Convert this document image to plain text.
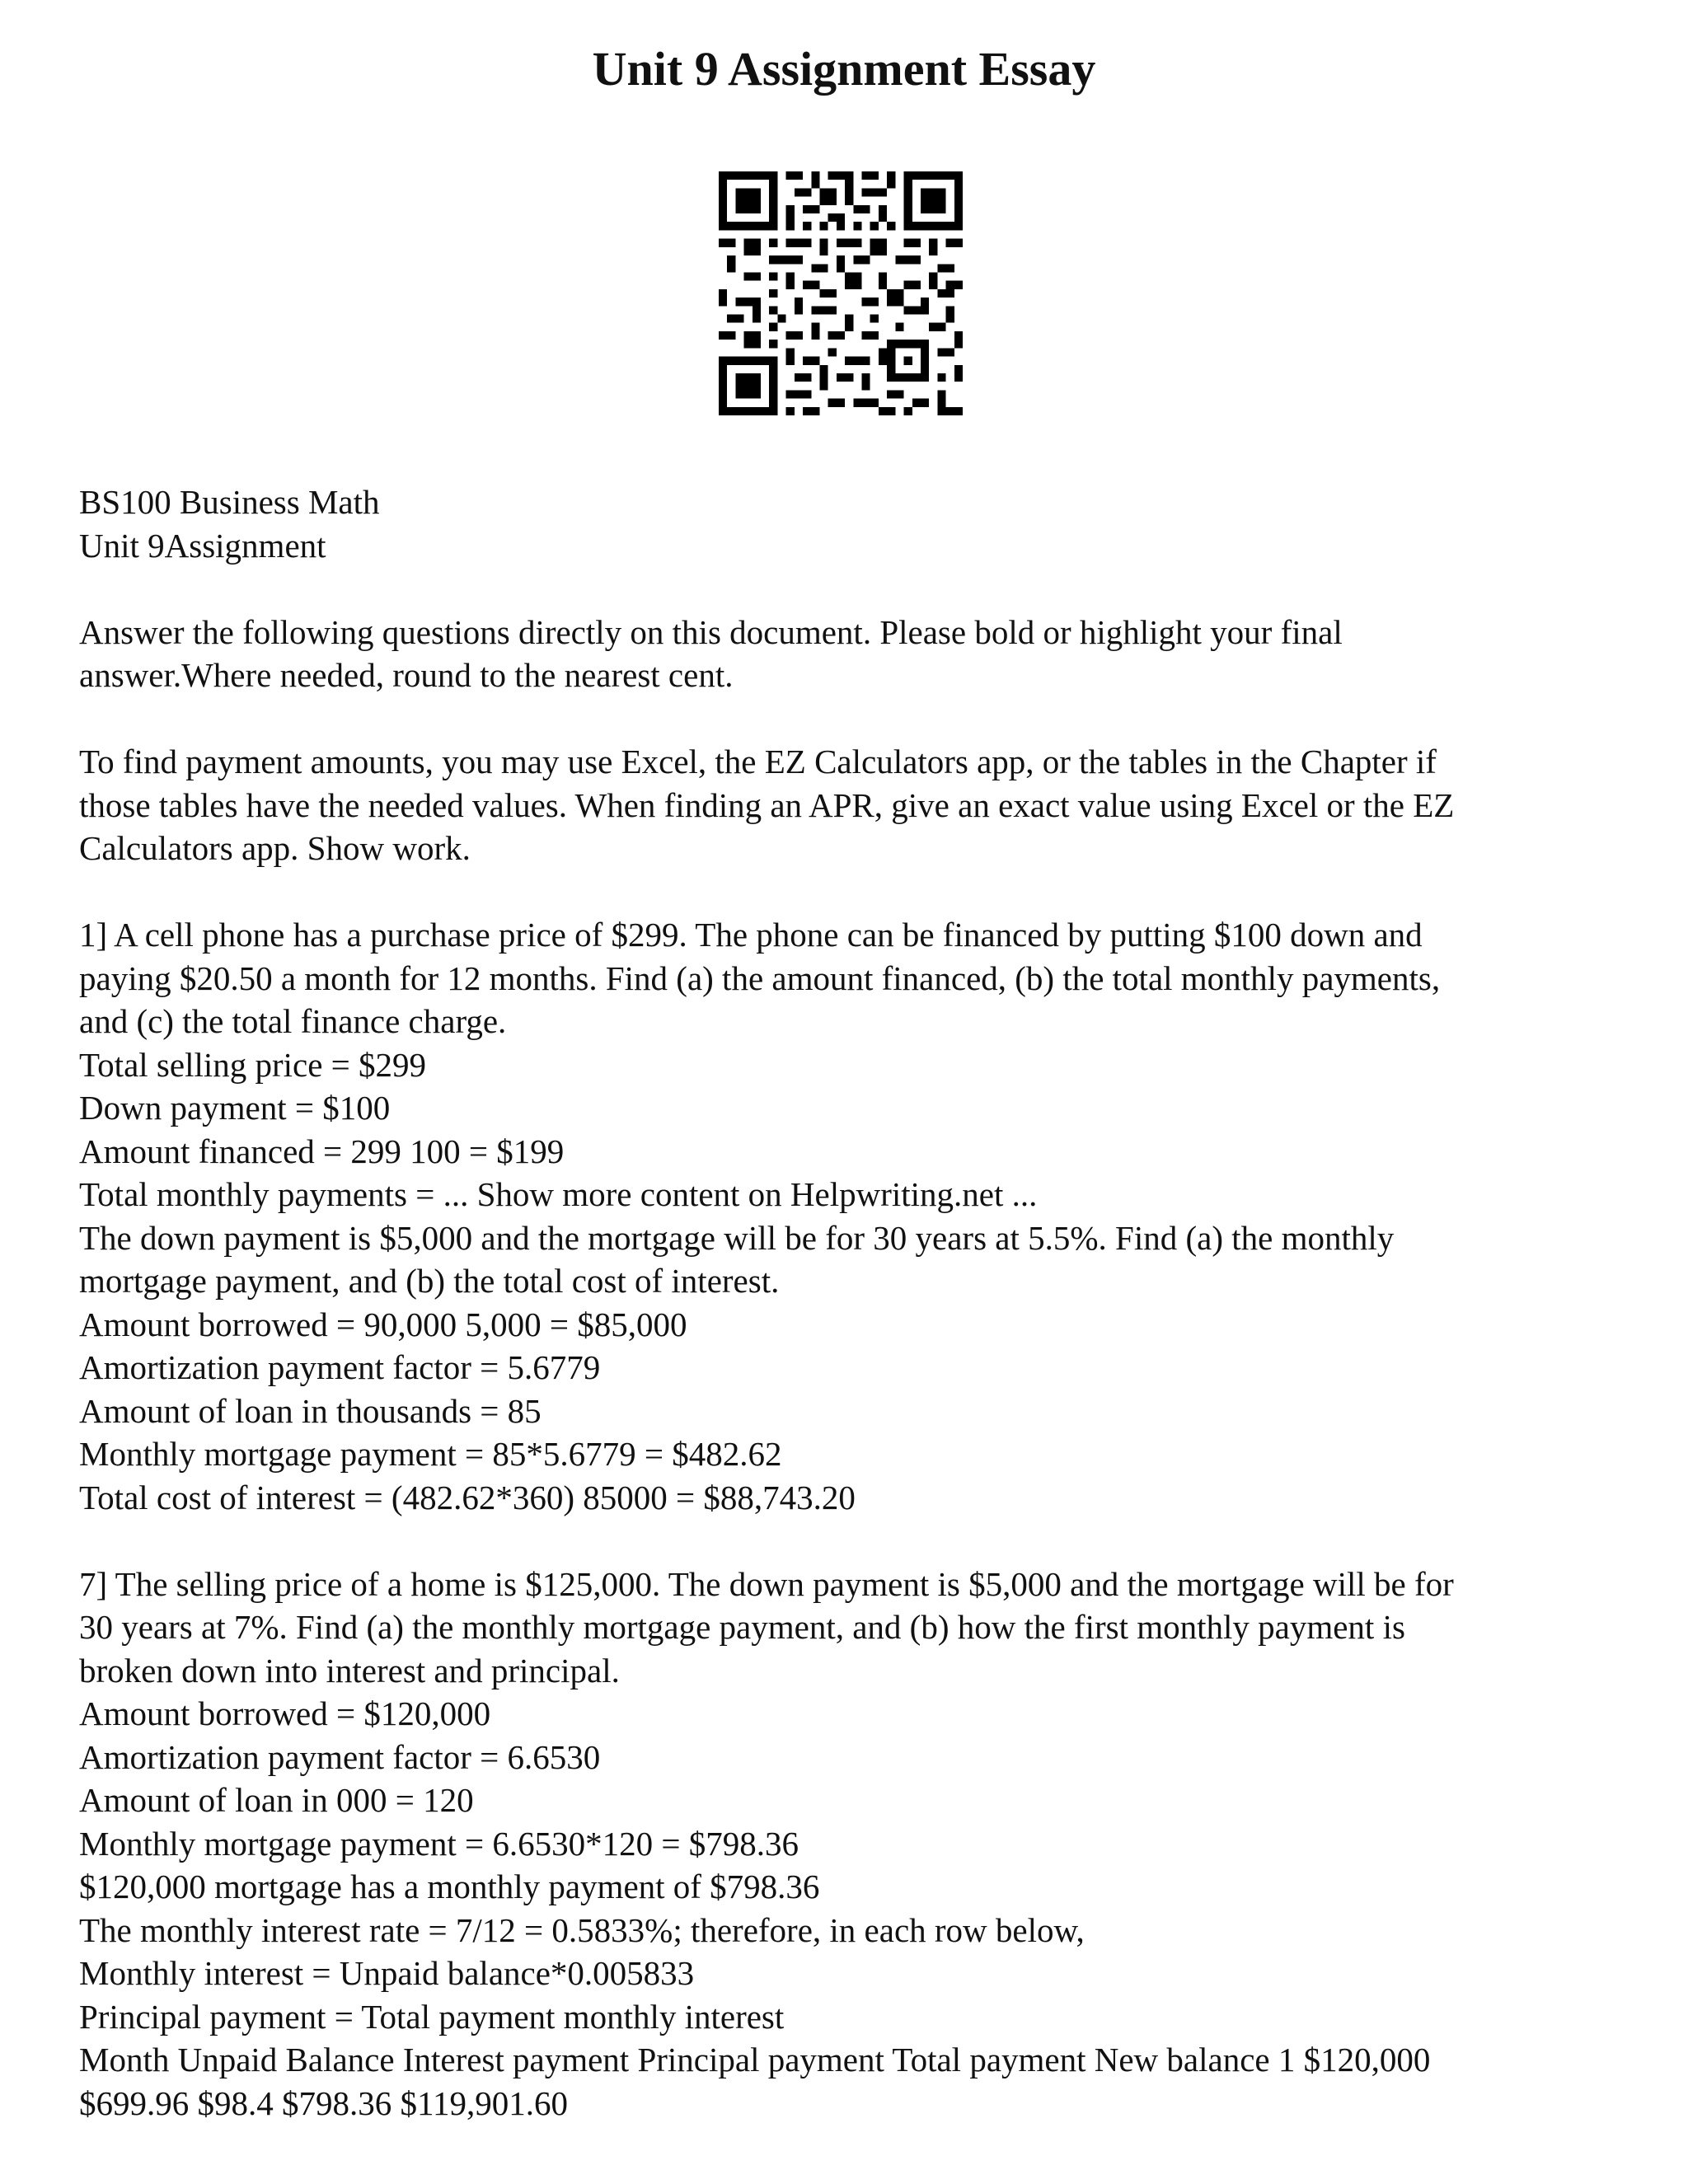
Unit 9 Assignment Essay
BS100 Business Math
Unit 9Assignment
Answer the following questions directly on this document. Please bold or highlight your final
answer.Where needed, round to the nearest cent.
To find payment amounts, you may use Excel, the EZ Calculators app, or the tables in the Chapter if
those tables have the needed values. When finding an APR, give an exact value using Excel or the EZ
Calculators app. Show work.
1] A cell phone has a purchase price of $299. The phone can be financed by putting $100 down and
paying $20.50 a month for 12 months. Find (a) the amount financed, (b) the total monthly payments,
and (c) the total finance charge.
Total selling price = $299
Down payment = $100
Amount financed = 299 100 = $199
Total monthly payments = ... Show more content on Helpwriting.net ...
The down payment is $5,000 and the mortgage will be for 30 years at 5.5%. Find (a) the monthly
mortgage payment, and (b) the total cost of interest.
Amount borrowed = 90,000 5,000 = $85,000
Amortization payment factor = 5.6779
Amount of loan in thousands = 85
Monthly mortgage payment = 85*5.6779 = $482.62
Total cost of interest = (482.62*360) 85000 = $88,743.20
7] The selling price of a home is $125,000. The down payment is $5,000 and the mortgage will be for
30 years at 7%. Find (a) the monthly mortgage payment, and (b) how the first monthly payment is
broken down into interest and principal.
Amount borrowed = $120,000
Amortization payment factor = 6.6530
Amount of loan in 000 = 120
Monthly mortgage payment = 6.6530*120 = $798.36
$120,000 mortgage has a monthly payment of $798.36
The monthly interest rate = 7/12 = 0.5833%; therefore, in each row below,
Monthly interest = Unpaid balance*0.005833
Principal payment = Total payment monthly interest
Month Unpaid Balance Interest payment Principal payment Total payment New balance 1 $120,000
$699.96 $98.4 $798.36 $119,901.60
